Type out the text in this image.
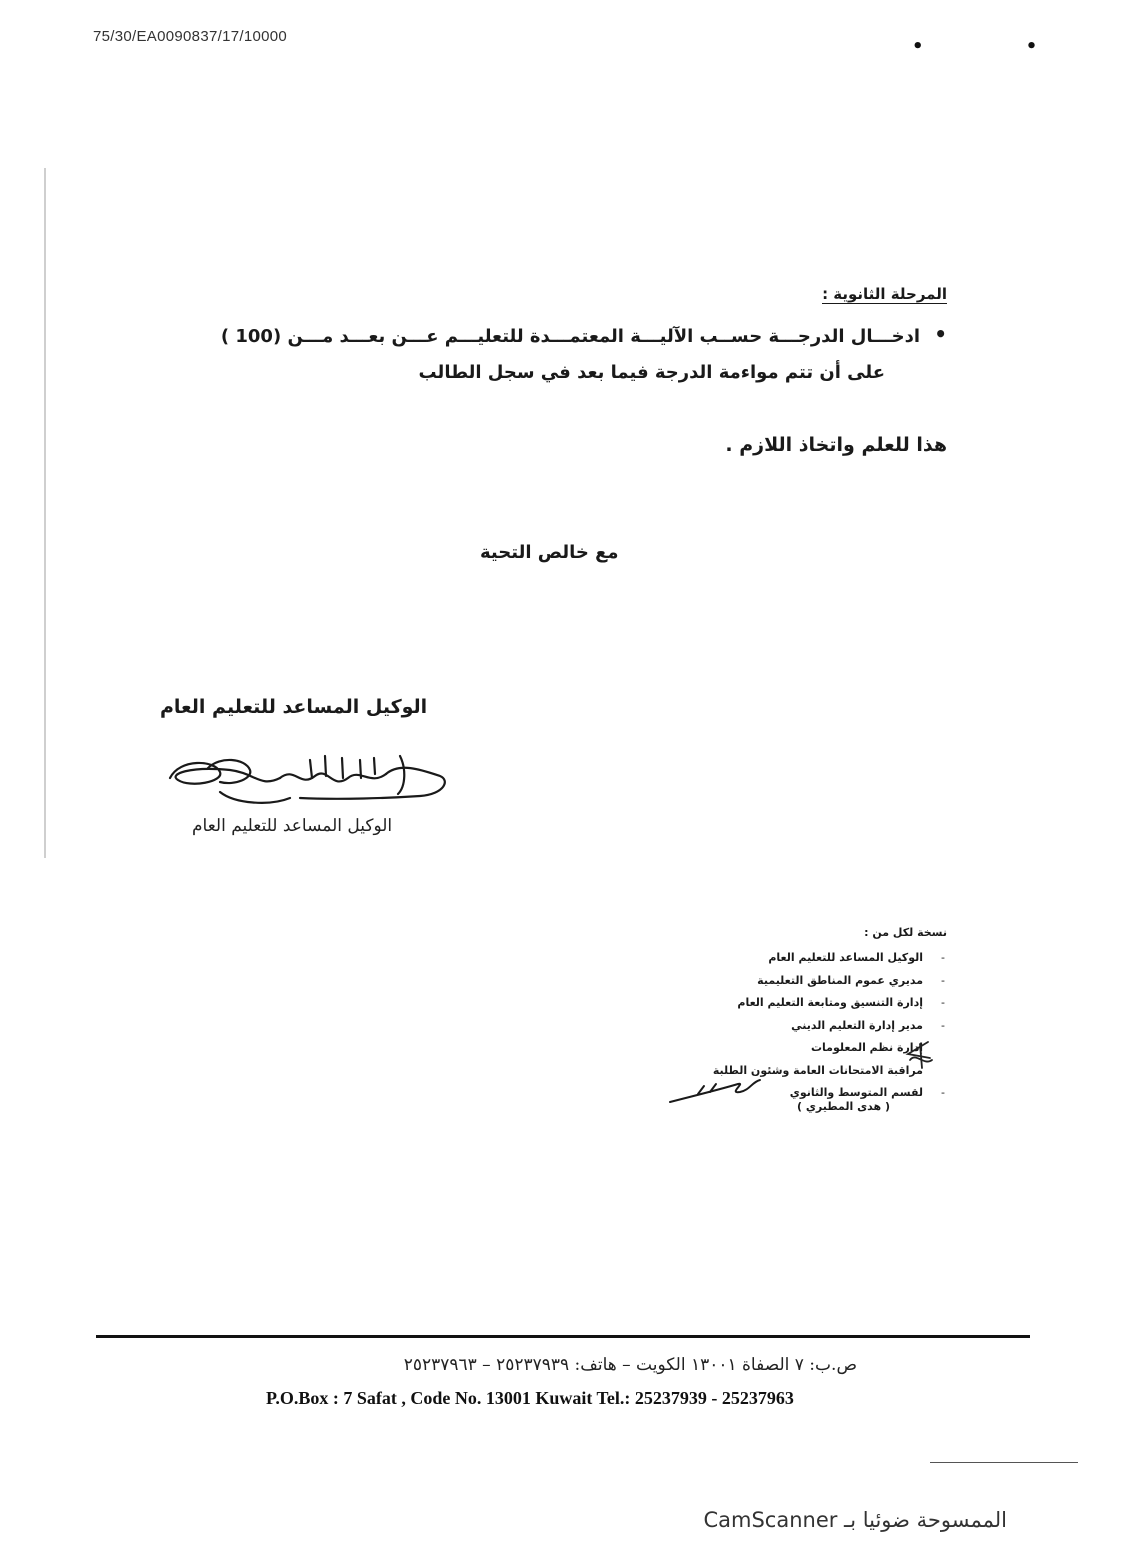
75/30/EA0090837/17/10000	• •
المرحلة الثانوية :
•
ادخـــال الدرجـــة حســب الآليـــة المعتمـــدة للتعليـــم عـــن بعـــد مـــن (100 )
على أن تتم مواءمة الدرجة فيما بعد في سجل الطالب
هذا للعلم واتخاذ اللازم .
مع خالص التحية
الوكيل المساعد للتعليم العام
الوكيل المساعد للتعليم العام
نسخة لكل من :
-
الوكيل المساعد للتعليم العام
-
مديري عموم المناطق التعليمية
-
إدارة التنسيق ومتابعة التعليم العام
-
مدير إدارة التعليم الديني
إدارة نظم المعلومات
مراقبة الامتحانات العامة وشئون الطلبة
-
لقسم المتوسط والثانوي
( هدى المطيري )
ص.ب: ٧ الصفاة ١٣٠٠١ الكويت – هاتف: ٢٥٢٣٧٩٣٩ – ٢٥٢٣٧٩٦٣
P.O.Box : 7 Safat , Code No. 13001 Kuwait Tel.: 25237939 - 25237963
الممسوحة ضوئيا بـ CamScanner
